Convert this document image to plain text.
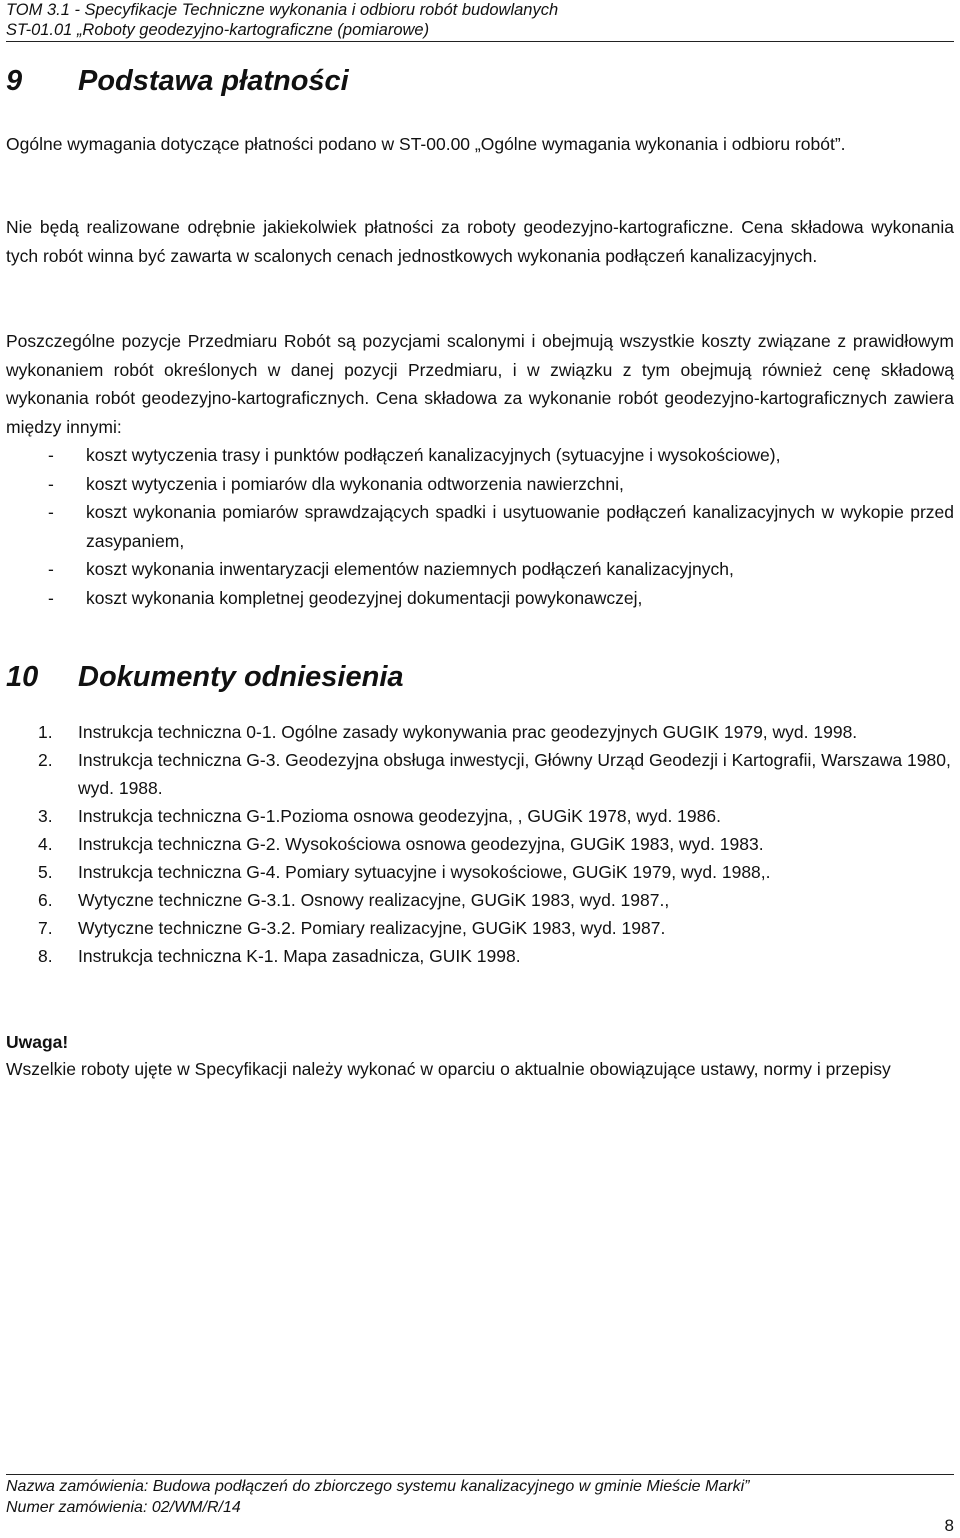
TOM 3.1 - Specyfikacje Techniczne wykonania i odbioru robót budowlanych
ST-01.01 „Roboty geodezyjno-kartograficzne (pomiarowe)
9 Podstawa płatności

Ogólne wymagania dotyczące płatności podano w ST-00.00 „Ogólne wymagania wykonania i odbioru robót”.

Nie będą realizowane odrębnie jakiekolwiek płatności za roboty geodezyjno-kartograficzne. Cena składowa wykonania tych robót winna być zawarta w scalonych cenach jednostkowych wykonania podłączeń kanalizacyjnych.

Poszczególne pozycje Przedmiaru Robót są pozycjami scalonymi i obejmują wszystkie koszty związane z prawidłowym wykonaniem robót określonych w danej pozycji Przedmiaru, i w związku z tym obejmują również cenę składową wykonania robót geodezyjno-kartograficznych. Cena składowa za wykonanie robót geodezyjno-kartograficznych zawiera między innymi:

- koszt wytyczenia trasy i punktów podłączeń kanalizacyjnych (sytuacyjne i wysokościowe),
- koszt wytyczenia i pomiarów dla wykonania odtworzenia nawierzchni,
- koszt wykonania pomiarów sprawdzających spadki i usytuowanie podłączeń kanalizacyjnych w wykopie przed zasypaniem,
- koszt wykonania inwentaryzacji elementów naziemnych podłączeń kanalizacyjnych,
- koszt wykonania kompletnej geodezyjnej dokumentacji powykonawczej,
10 Dokumenty odniesienia
1. Instrukcja techniczna 0-1. Ogólne zasady wykonywania prac geodezyjnych GUGIK 1979, wyd. 1998.
2. Instrukcja techniczna G-3. Geodezyjna obsługa inwestycji, Główny Urząd Geodezji i Kartografii, Warszawa 1980, wyd. 1988.
3. Instrukcja techniczna G-1.Pozioma osnowa geodezyjna, , GUGiK 1978, wyd. 1986.
4. Instrukcja techniczna G-2. Wysokościowa osnowa geodezyjna, GUGiK 1983, wyd. 1983.
5. Instrukcja techniczna G-4. Pomiary sytuacyjne i wysokościowe, GUGiK 1979, wyd. 1988,.
6. Wytyczne techniczne G-3.1. Osnowy realizacyjne, GUGiK 1983, wyd. 1987.,
7. Wytyczne techniczne G-3.2. Pomiary realizacyjne, GUGiK 1983, wyd. 1987.
8. Instrukcja techniczna K-1. Mapa zasadnicza, GUIK 1998.
Uwaga!

Wszelkie roboty ujęte w Specyfikacji należy wykonać w oparciu o aktualnie obowiązujące ustawy, normy i przepisy

Nazwa zamówienia: Budowa podłączeń do zbiorczego systemu kanalizacyjnego w gminie Mieście Marki”
Numer zamówienia: 02/WM/R/14
8
